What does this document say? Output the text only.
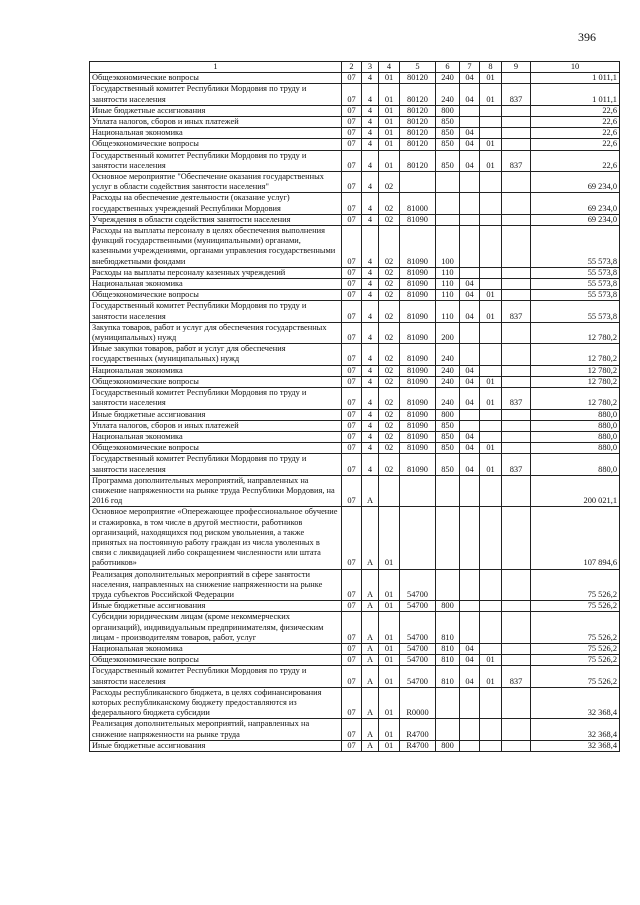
396
1	2	3	4	5	6	7	8	9	10
Общеэкономические вопросы	07	4	01	80120	240	04	01		1 011,1
Государственный комитет Республики Мордовия по труду и занятости населения	07	4	01	80120	240	04	01	837	1 011,1
Иные бюджетные ассигнования	07	4	01	80120	800				22,6
Уплата налогов, сборов и иных платежей	07	4	01	80120	850				22,6
Национальная экономика	07	4	01	80120	850	04			22,6
Общеэкономические вопросы	07	4	01	80120	850	04	01		22,6
Государственный комитет Республики Мордовия по труду и занятости населения	07	4	01	80120	850	04	01	837	22,6
Основное мероприятие "Обеспечение оказания государственных услуг в области содействия занятости населения"	07	4	02						69 234,0
Расходы на обеспечение деятельности (оказание услуг) государственных учреждений Республики Мордовия	07	4	02	81000					69 234,0
Учреждения в области содействия занятости населения	07	4	02	81090					69 234,0
Расходы на выплаты персоналу в целях обеспечения выполнения функций государственными (муниципальными) органами, казенными учреждениями, органами управления государственными внебюджетными фондами	07	4	02	81090	100				55 573,8
Расходы на выплаты персоналу казенных учреждений	07	4	02	81090	110				55 573,8
Национальная экономика	07	4	02	81090	110	04			55 573,8
Общеэкономические вопросы	07	4	02	81090	110	04	01		55 573,8
Государственный комитет Республики Мордовия по труду и занятости населения	07	4	02	81090	110	04	01	837	55 573,8
Закупка товаров, работ и услуг для обеспечения государственных (муниципальных) нужд	07	4	02	81090	200				12 780,2
Иные закупки товаров, работ и услуг для обеспечения государственных (муниципальных) нужд	07	4	02	81090	240				12 780,2
Национальная экономика	07	4	02	81090	240	04			12 780,2
Общеэкономические вопросы	07	4	02	81090	240	04	01		12 780,2
Государственный комитет Республики Мордовия по труду и занятости населения	07	4	02	81090	240	04	01	837	12 780,2
Иные бюджетные ассигнования	07	4	02	81090	800				880,0
Уплата налогов, сборов и иных платежей	07	4	02	81090	850				880,0
Национальная экономика	07	4	02	81090	850	04			880,0
Общеэкономические вопросы	07	4	02	81090	850	04	01		880,0
Государственный комитет Республики Мордовия по труду и занятости населения	07	4	02	81090	850	04	01	837	880,0
Программа дополнительных мероприятий, направленных на снижение напряженности на рынке труда Республики Мордовия, на 2016 год	07	А							200 021,1
Основное мероприятие «Опережающее профессиональное обучение и стажировка, в том числе в другой местности, работников организаций, находящихся под риском увольнения, а также принятых на постоянную работу граждан из числа уволенных в связи с ликвидацией либо сокращением численности или штата работников»	07	А	01						107 894,6
Реализация дополнительных мероприятий в сфере занятости населения, направленных на снижение напряженности на рынке труда субъектов Российской Федерации	07	А	01	54700					75 526,2
Иные бюджетные ассигнования	07	А	01	54700	800				75 526,2
Субсидии юридическим лицам (кроме некоммерческих организаций), индивидуальным предпринимателям, физическим лицам - производителям товаров, работ, услуг	07	А	01	54700	810				75 526,2
Национальная экономика	07	А	01	54700	810	04			75 526,2
Общеэкономические вопросы	07	А	01	54700	810	04	01		75 526,2
Государственный комитет Республики Мордовия по труду и занятости населения	07	А	01	54700	810	04	01	837	75 526,2
Расходы республиканского бюджета, в целях софинансирования которых республиканскому бюджету предоставляются из федерального бюджета субсидии	07	А	01	R0000					32 368,4
Реализация дополнительных мероприятий, направленных на снижение напряженности на рынке труда	07	А	01	R4700					32 368,4
Иные бюджетные ассигнования	07	А	01	R4700	800				32 368,4
